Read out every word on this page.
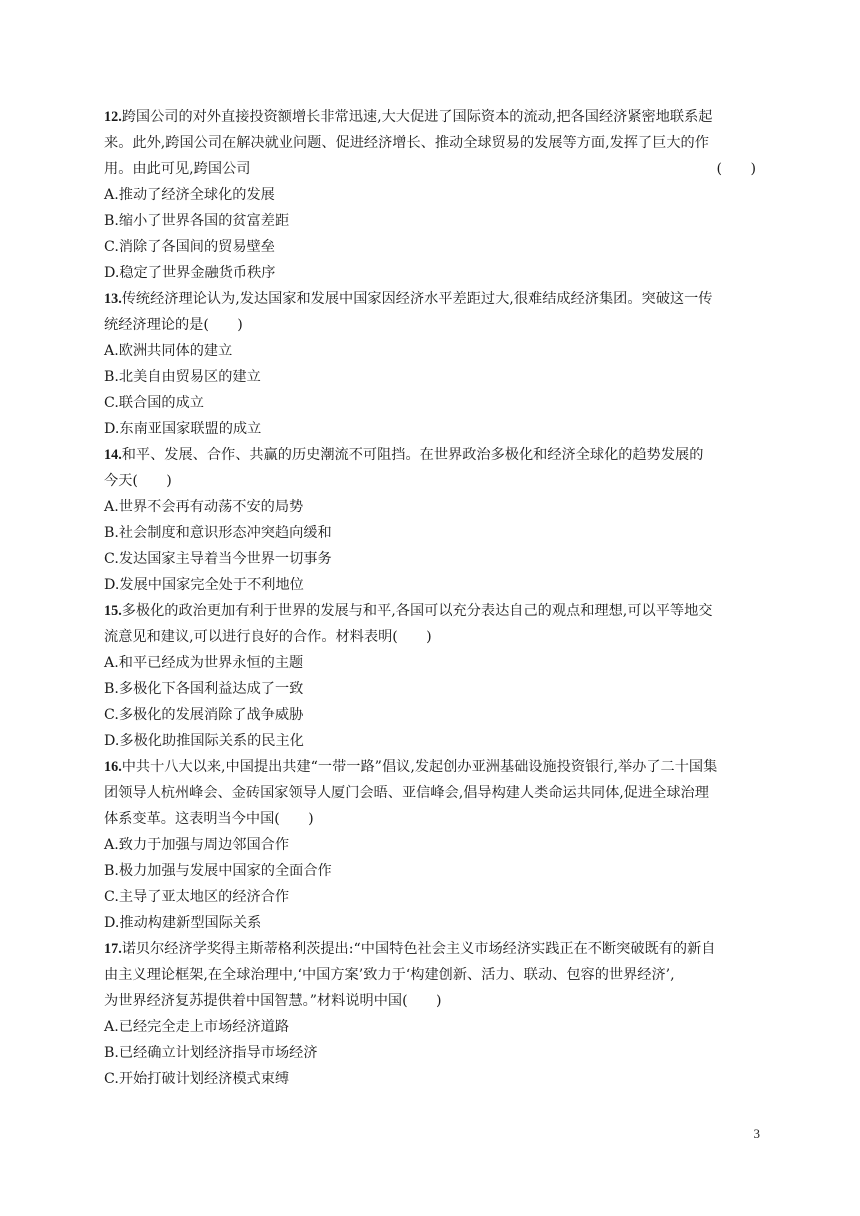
12.跨国公司的对外直接投资额增长非常迅速,大大促进了国际资本的流动,把各国经济紧密地联系起
来。此外,跨国公司在解决就业问题、促进经济增长、推动全球贸易的发展等方面,发挥了巨大的作
用。由此可见,跨国公司	(　　)
A.推动了经济全球化的发展
B.缩小了世界各国的贫富差距
C.消除了各国间的贸易壁垒
D.稳定了世界金融货币秩序
13.传统经济理论认为,发达国家和发展中国家因经济水平差距过大,很难结成经济集团。突破这一传
统经济理论的是(　　)
A.欧洲共同体的建立
B.北美自由贸易区的建立
C.联合国的成立
D.东南亚国家联盟的成立
14.和平、发展、合作、共赢的历史潮流不可阻挡。在世界政治多极化和经济全球化的趋势发展的
今天(　　)
A.世界不会再有动荡不安的局势
B.社会制度和意识形态冲突趋向缓和
C.发达国家主导着当今世界一切事务
D.发展中国家完全处于不利地位
15.多极化的政治更加有利于世界的发展与和平,各国可以充分表达自己的观点和理想,可以平等地交
流意见和建议,可以进行良好的合作。材料表明(　　)
A.和平已经成为世界永恒的主题
B.多极化下各国利益达成了一致
C.多极化的发展消除了战争威胁
D.多极化助推国际关系的民主化
16.中共十八大以来,中国提出共建“一带一路”倡议,发起创办亚洲基础设施投资银行,举办了二十国集
团领导人杭州峰会、金砖国家领导人厦门会晤、亚信峰会,倡导构建人类命运共同体,促进全球治理
体系变革。这表明当今中国(　　)
A.致力于加强与周边邻国合作
B.极力加强与发展中国家的全面合作
C.主导了亚太地区的经济合作
D.推动构建新型国际关系
17.诺贝尔经济学奖得主斯蒂格利茨提出:“中国特色社会主义市场经济实践正在不断突破既有的新自
由主义理论框架,在全球治理中,‘中国方案’致力于‘构建创新、活力、联动、包容的世界经济’,
为世界经济复苏提供着中国智慧。”材料说明中国(　　)
A.已经完全走上市场经济道路
B.已经确立计划经济指导市场经济
C.开始打破计划经济模式束缚
3
